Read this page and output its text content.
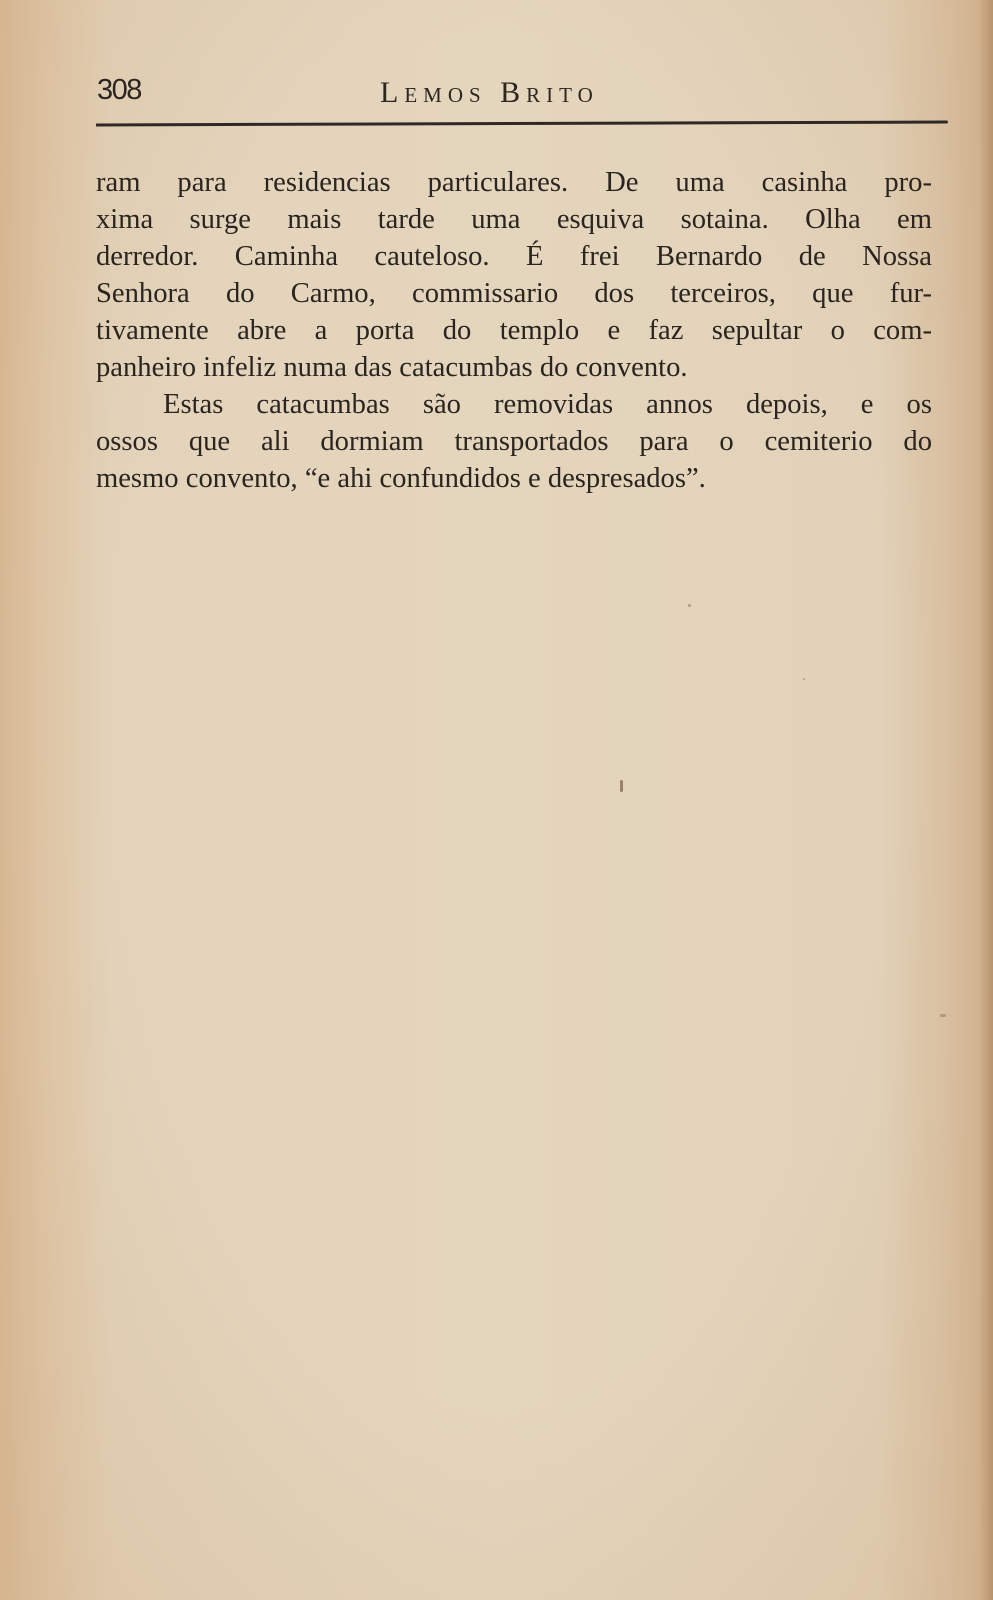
308	Lemos Brito
ram para residencias particulares. De uma casinha pro-
xima surge mais tarde uma esquiva sotaina. Olha em
derredor. Caminha cauteloso. É frei Bernardo de Nossa
Senhora do Carmo, commissario dos terceiros, que fur-
tivamente abre a porta do templo e faz sepultar o com-
panheiro infeliz numa das catacumbas do convento.
Estas catacumbas são removidas annos depois, e os
ossos que ali dormiam transportados para o cemiterio do
mesmo convento, “e ahi confundidos e despresados”.
